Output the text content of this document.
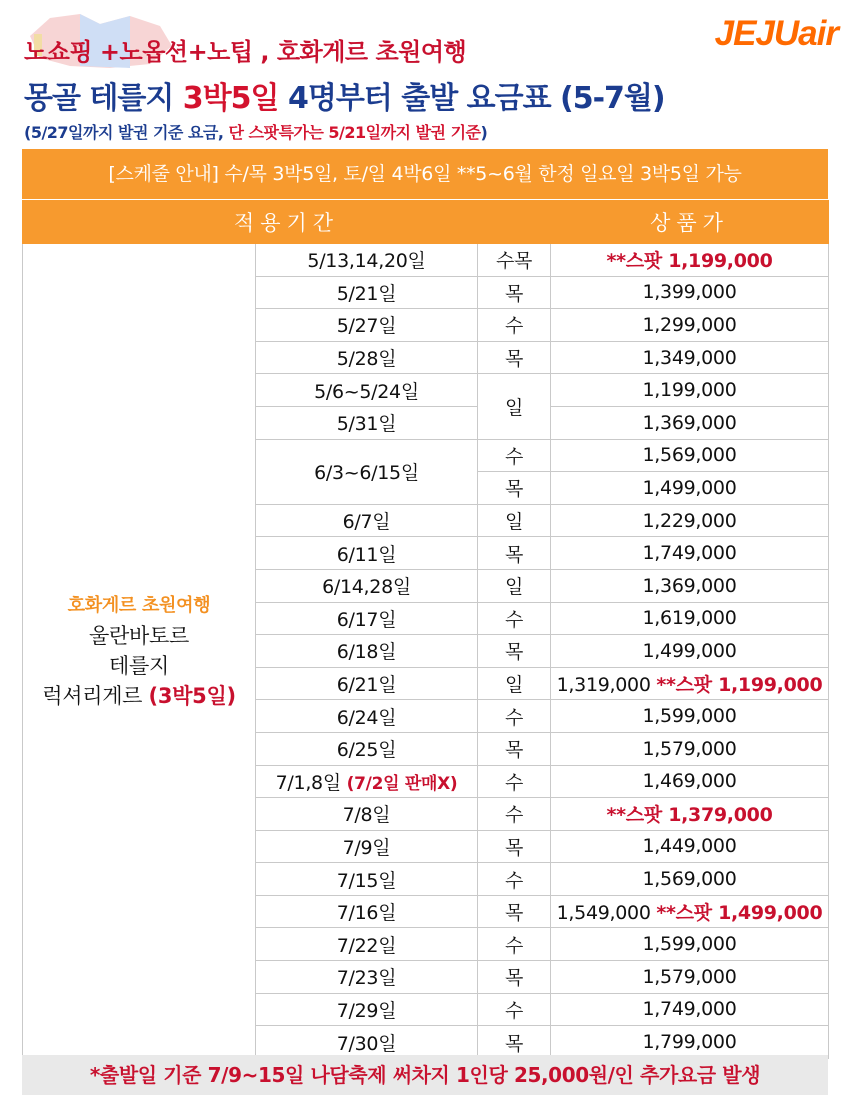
JEJUair
노쇼핑 +노옵션+노팁 , 호화게르 초원여행
몽골 테를지 3박5일 4명부터 출발 요금표 (5-7월)
(5/27일까지 발권 기준 요금, 단 스팟특가는 5/21일까지 발권 기준)
[스케줄 안내] 수/목 3박5일, 토/일 4박6일 **5~6월 한정 일요일 3박5일 가능
적용기간			상품가

호화게르 초원여행
울란바토르
테를지
럭셔리게르 (3박5일)	5/13,14,20일	수목	**스팟 1,199,000
	5/21일	목	1,399,000
	5/27일	수	1,299,000
	5/28일	목	1,349,000
	5/6~5/24일	일	1,199,000
	5/31일		1,369,000
	6/3~6/15일	수	1,569,000
		목	1,499,000
	6/7일	일	1,229,000
	6/11일	목	1,749,000
	6/14,28일	일	1,369,000
	6/17일	수	1,619,000
	6/18일	목	1,499,000
	6/21일	일	1,319,000 **스팟 1,199,000
	6/24일	수	1,599,000
	6/25일	목	1,579,000
	7/1,8일 (7/2일 판매X)	수	1,469,000
	7/8일	수	**스팟 1,379,000
	7/9일	목	1,449,000
	7/15일	수	1,569,000
	7/16일	목	1,549,000 **스팟 1,499,000
	7/22일	수	1,599,000
	7/23일	목	1,579,000
	7/29일	수	1,749,000
	7/30일	목	1,799,000
*출발일 기준 7/9~15일 나담축제 써차지 1인당 25,000원/인 추가요금 발생
